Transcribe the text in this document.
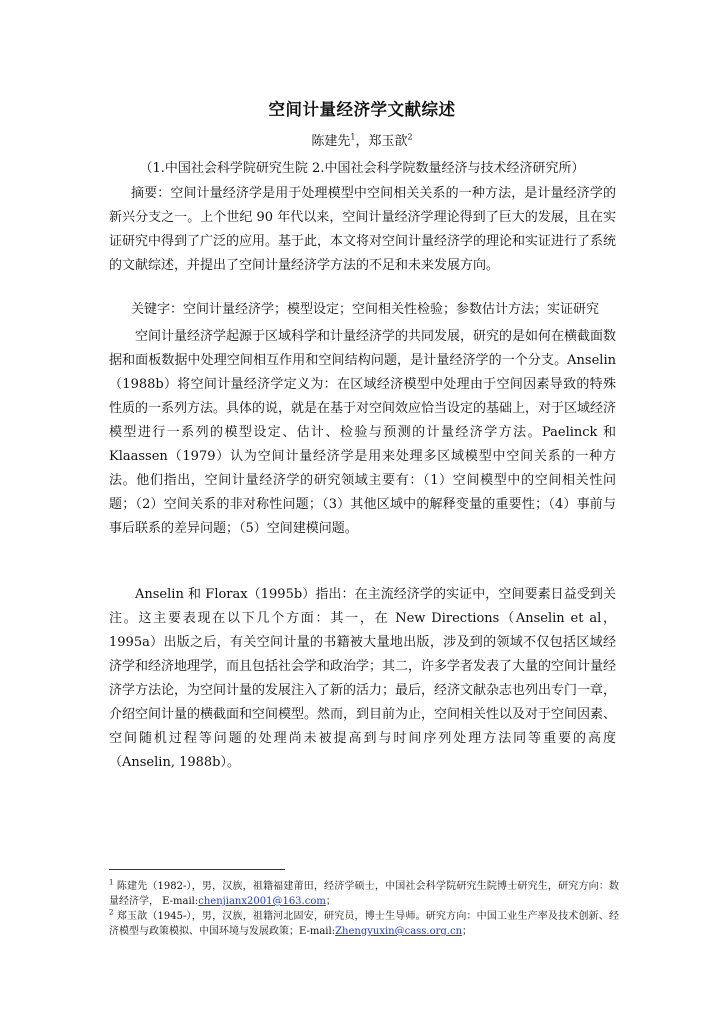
空间计量经济学文献综述
陈建先$^1$，郑玉歆$^2$
（1.中国社会科学院研究生院 2.中国社会科学院数量经济与技术经济研究所）

摘要：空间计量经济学是用于处理模型中空间相关关系的一种方法，是计量经济学的新兴分支之一。上个世纪 90 年代以来，空间计量经济学理论得到了巨大的发展，且在实证研究中得到了广泛的应用。基于此，本文将对空间计量经济学的理论和实证进行了系统的文献综述，并提出了空间计量经济学方法的不足和未来发展方向。

关键字：空间计量经济学；模型设定；空间相关性检验；参数估计方法；实证研究

空间计量经济学起源于区域科学和计量经济学的共同发展，研究的是如何在横截面数据和面板数据中处理空间相互作用和空间结构问题，是计量经济学的一个分支。Anselin（1988b）将空间计量经济学定义为：在区域经济模型中处理由于空间因素导致的特殊性质的一系列方法。具体的说，就是在基于对空间效应恰当设定的基础上，对于区域经济模型进行一系列的模型设定、估计、检验与预测的计量经济学方法。Paelinck 和 Klaassen（1979）认为空间计量经济学是用来处理多区域模型中空间关系的一种方法。他们指出，空间计量经济学的研究领域主要有：（1）空间模型中的空间相关性问题；（2）空间关系的非对称性问题；（3）其他区域中的解释变量的重要性；（4）事前与事后联系的差异问题；（5）空间建模问题。

Anselin 和 Florax（1995b）指出：在主流经济学的实证中，空间要素日益受到关注。这主要表现在以下几个方面：其一，在 New Directions（Anselin et al，1995a）出版之后，有关空间计量的书籍被大量地出版，涉及到的领域不仅包括区域经济学和经济地理学，而且包括社会学和政治学；其二，许多学者发表了大量的空间计量经济学方法论，为空间计量的发展注入了新的活力；最后，经济文献杂志也列出专门一章，介绍空间计量的横截面和空间模型。然而，到目前为止，空间相关性以及对于空间因素、空间随机过程等问题的处理尚未被提高到与时间序列处理方法同等重要的高度（Anselin, 1988b）。

$^1$ 陈建先（1982-），男，汉族，祖籍福建莆田，经济学硕士，中国社会科学院研究生院博士研究生，研究方向：数量经济学， E-mail:chenjianx2001@163.com；

$^2$ 郑玉歆（1945-），男，汉族，祖籍河北固安，研究员，博士生导师。研究方向：中国工业生产率及技术创新、经济模型与政策模拟、中国环境与发展政策；E-mail:Zhengyuxin@cass.org.cn；
